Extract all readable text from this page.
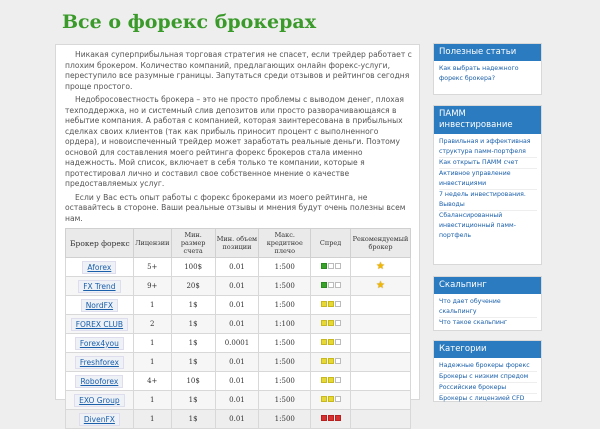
Все о форекс брокерах

Никакая суперприбыльная торговая стратегия не спасет, если трейдер работает с плохим брокером. Количество компаний, предлагающих онлайн форекс-услуги, переступило все разумные границы. Запутаться среди отзывов и рейтингов сегодня проще простого.

Недобросовестность брокера – это не просто проблемы с выводом денег, плохая техподдержка, но и системный слив депозитов или просто разворачивающаяся в небытие компания. А работая с компанией, которая заинтересована в прибыльных сделках своих клиентов (так как прибыль приносит процент с выполненного ордера), и новоиспеченный трейдер может заработать реальные деньги. Поэтому основой для составления моего рейтинга форекс брокеров стала именно надежность. Мой список, включает в себя только те компании, которые я протестировал лично и составил свое собственное мнение о качестве предоставляемых услуг.

Если у Вас есть опыт работы с форекс брокерами из моего рейтинга, не оставайтесь в стороне. Ваши реальные отзывы и мнения будут очень полезны всем нам.

Брокер форекс	Лицензии	Мин. размер счета	Мин. объем позиции	Макс. кредитное плечо	Спред	Рекомендуемый брокер
Aforex	5+	100$	0.01	1:500		★
FX Trend	9+	20$	0.01	1:500		★
NordFX	1	1$	0.01	1:500	

FOREX CLUB	2	1$	0.01	1:100	

Forex4you	1	1$	0.0001	1:500	

Freshforex	1	1$	0.01	1:500	

Roboforex	4+	10$	0.01	1:500	

EXO Group	1	1$	0.01	1:500	

DivenFX	1	1$	0.01	1:500	

Полезные статьи
Как выбрать надежного форекс брокера?
ПАММ инвестирование
Правильная и эффективная структура памм-портфеля
Как открыть ПАММ счет
Активное управление инвестициями
7 недель инвестирования. Выводы
Сбалансированный инвестиционный памм-портфель
Скальпинг
Что дает обучение скальпингу
Что такое скальпинг
Категории
Надежные брокеры форекс
Брокеры с низким спредом
Российские брокеры
Брокеры с лицензией CFD
